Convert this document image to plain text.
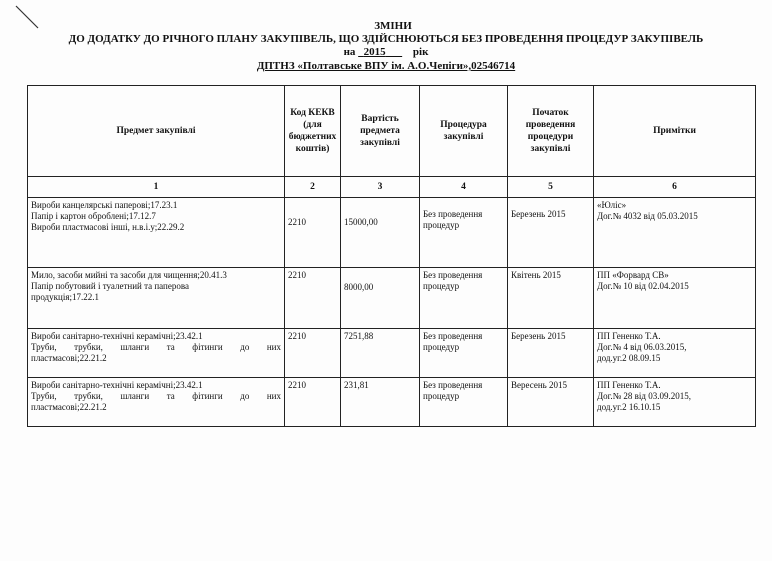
ЗМІНИ
ДО ДОДАТКУ ДО РІЧНОГО ПЛАНУ ЗАКУПІВЕЛЬ, ЩО ЗДІЙСНЮЮТЬСЯ БЕЗ ПРОВЕДЕННЯ ПРОЦЕДУР ЗАКУПІВЕЛЬ
на 2015 рік
ДПТНЗ «Полтавське ВПУ ім. А.О.Чепіги»,02546714
Предмет закупівлі	Код КЕКВ (для бюджетних коштів)	Вартість предмета закупівлі	Процедура закупівлі	Початок проведення процедури закупівлі	Примітки
1	2	3	4	5	6

Вироби канцелярські паперові;17.23.1
Папір і картон оброблені;17.12.7
Вироби пластмасові інші, н.в.і.у;22.29.2	2210	15000,00	Без проведення процедур	Березень 2015	«Юліс»
Дог.№ 4032 від 05.03.2015

Мило, засоби мийні та засоби для чищення;20.41.3
Папір побутовий і туалетний та паперова
продукція;17.22.1	2210	8000,00	Без проведення процедур	Квітень 2015	ПП «Форвард СВ»
Дог.№ 10 від 02.04.2015

Вироби санітарно-технічні керамічні;23.42.1
Труби, трубки, шланги та фітинги до них
пластмасові;22.21.2	2210	7251,88	Без проведення процедур	Березень 2015	ПП Гененко Т.А.
Дог.№ 4 від 06.03.2015,
дод.уг.2 08.09.15

Вироби санітарно-технічні керамічні;23.42.1
Труби, трубки, шланги та фітинги до них
пластмасові;22.21.2	2210	231,81	Без проведення процедур	Вересень 2015	ПП Гененко Т.А.
Дог.№ 28 від 03.09.2015,
дод.уг.2 16.10.15
